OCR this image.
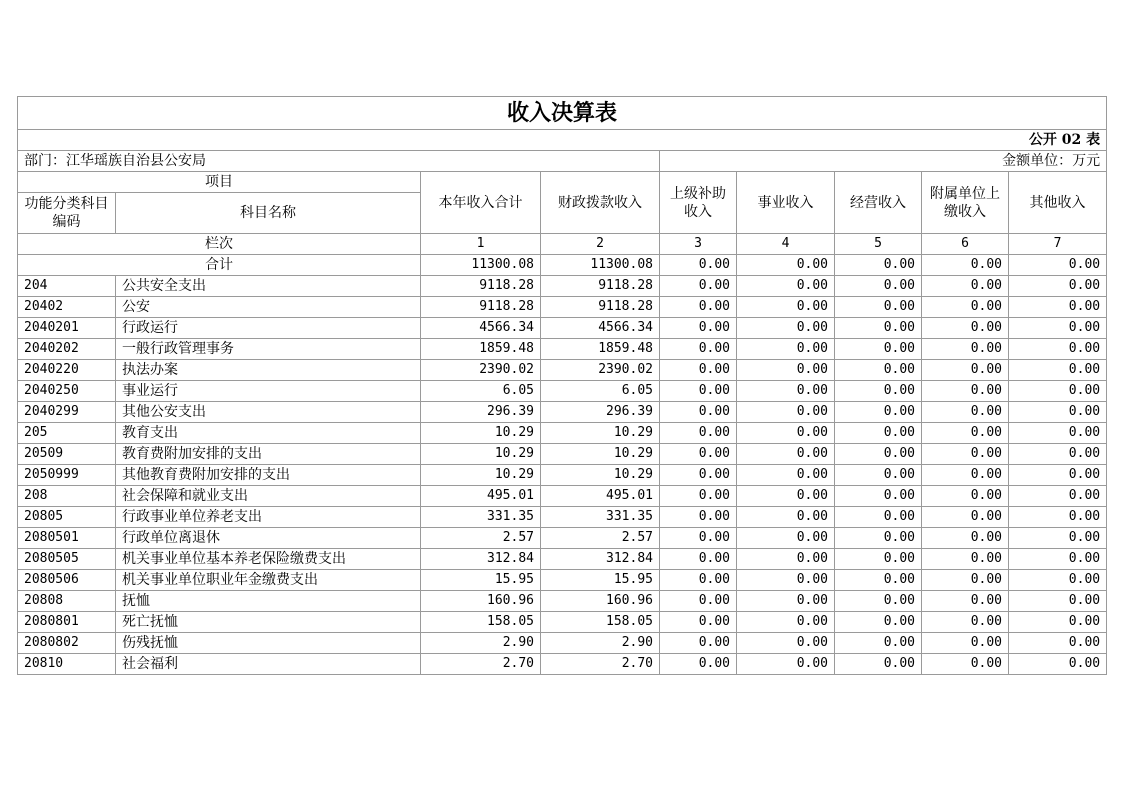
收入决算表								
公开 02 表								
部门：江华瑶族自治县公安局				金额单位：万元				
项目		本年收入合计	财政拨款收入	上级补助收入	事业收入	经营收入	附属单位上缴收入	其他收入
功能分类科目编码	科目名称							
栏次		1	2	3	4	5	6	7
合计		11300.08	11300.08	0.00	0.00	0.00	0.00	0.00
204	公共安全支出	9118.28	9118.28	0.00	0.00	0.00	0.00	0.00
20402	公安	9118.28	9118.28	0.00	0.00	0.00	0.00	0.00
2040201	行政运行	4566.34	4566.34	0.00	0.00	0.00	0.00	0.00
2040202	一般行政管理事务	1859.48	1859.48	0.00	0.00	0.00	0.00	0.00
2040220	执法办案	2390.02	2390.02	0.00	0.00	0.00	0.00	0.00
2040250	事业运行	6.05	6.05	0.00	0.00	0.00	0.00	0.00
2040299	其他公安支出	296.39	296.39	0.00	0.00	0.00	0.00	0.00
205	教育支出	10.29	10.29	0.00	0.00	0.00	0.00	0.00
20509	教育费附加安排的支出	10.29	10.29	0.00	0.00	0.00	0.00	0.00
2050999	其他教育费附加安排的支出	10.29	10.29	0.00	0.00	0.00	0.00	0.00
208	社会保障和就业支出	495.01	495.01	0.00	0.00	0.00	0.00	0.00
20805	行政事业单位养老支出	331.35	331.35	0.00	0.00	0.00	0.00	0.00
2080501	行政单位离退休	2.57	2.57	0.00	0.00	0.00	0.00	0.00
2080505	机关事业单位基本养老保险缴费支出	312.84	312.84	0.00	0.00	0.00	0.00	0.00
2080506	机关事业单位职业年金缴费支出	15.95	15.95	0.00	0.00	0.00	0.00	0.00
20808	抚恤	160.96	160.96	0.00	0.00	0.00	0.00	0.00
2080801	死亡抚恤	158.05	158.05	0.00	0.00	0.00	0.00	0.00
2080802	伤残抚恤	2.90	2.90	0.00	0.00	0.00	0.00	0.00
20810	社会福利	2.70	2.70	0.00	0.00	0.00	0.00	0.00
